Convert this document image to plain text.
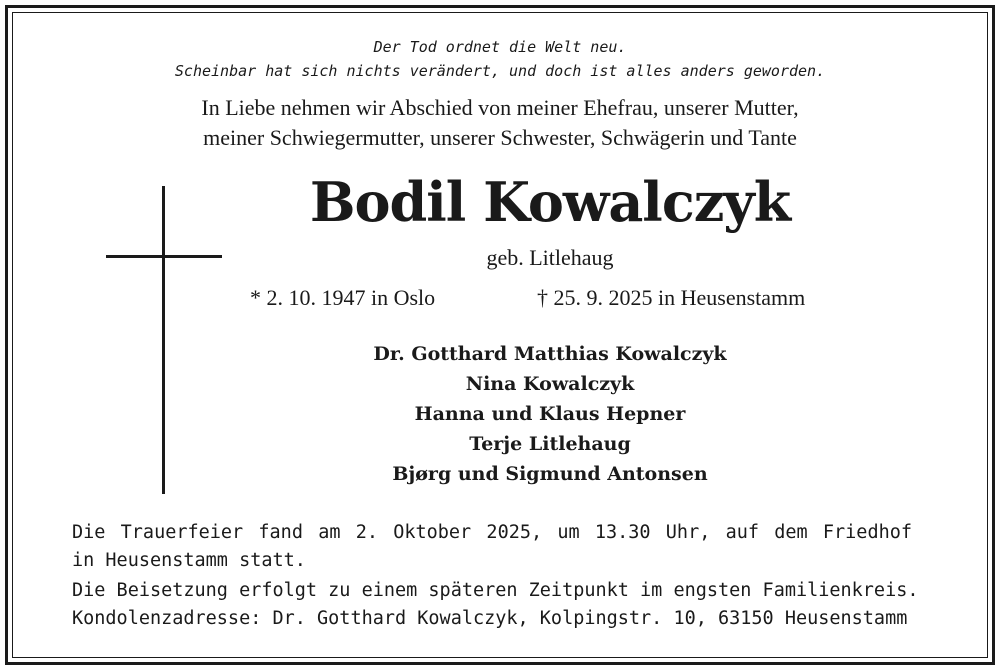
Der Tod ordnet die Welt neu.
Scheinbar hat sich nichts verändert, und doch ist alles anders geworden.
In Liebe nehmen wir Abschied von meiner Ehefrau, unserer Mutter,
meiner Schwiegermutter, unserer Schwester, Schwägerin und Tante
Bodil Kowalczyk
geb. Litlehaug
* 2. 10. 1947 in Oslo	† 25. 9. 2025 in Heusenstamm
Dr. Gotthard Matthias Kowalczyk
Nina Kowalczyk
Hanna und Klaus Hepner
Terje Litlehaug
Bjørg und Sigmund Antonsen
Die Trauerfeier fand am 2. Oktober 2025, um 13.30 Uhr, auf dem Friedhof
in Heusenstamm statt.
Die Beisetzung erfolgt zu einem späteren Zeitpunkt im engsten Familienkreis.
Kondolenzadresse: Dr. Gotthard Kowalczyk, Kolpingstr. 10, 63150 Heusenstamm
